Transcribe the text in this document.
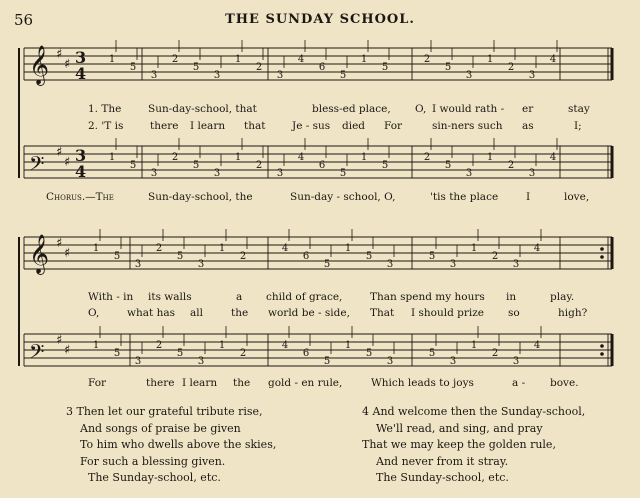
56	THE SUNDAY SCHOOL.
𝄞 ♯
♯ 3
4
1
5
3
2
5
3
1
2
3
4
6
5
1
5
2
5
3
1
2
3
4
𝄢 ♯
♯ 3
4
1
5
3
2
5
3
1
2
3
4
6
5
1
5
2
5
3
1
2
3
4
𝄞 ♯
♯ 1
5
3
2
5
3
1
2
4
6
5
1
5
3
5
3
1
2
3
4
𝄢 ♯
♯ 1
5
3
2
5
3
1
2
4
6
5
1
5
3
5
3
1
2
3
4
1. The	Sun-day-school, that	bless-ed place, O, I would rath - er	stay
2. 'T is	there I learn that	Je - sus died For	sin-ners such as	I;
Chorus.—The	Sun-day-school, the	Sun-day - school, O,	'tis the place	I	love,
With - in its walls	a child of grace,	Than spend my hours in	play.
O,	what has all	the world be - side, That I should prize so	high?
For	there I learn the gold - en rule,	Which leads to joys	a - bove.
3 Then let our grateful tribute rise,
And songs of praise be given
To him who dwells above the skies,
For such a blessing given.
The Sunday-school, etc.
4 And welcome then the Sunday-school,
We'll read, and sing, and pray
That we may keep the golden rule,
And never from it stray.
The Sunday-school, etc.
